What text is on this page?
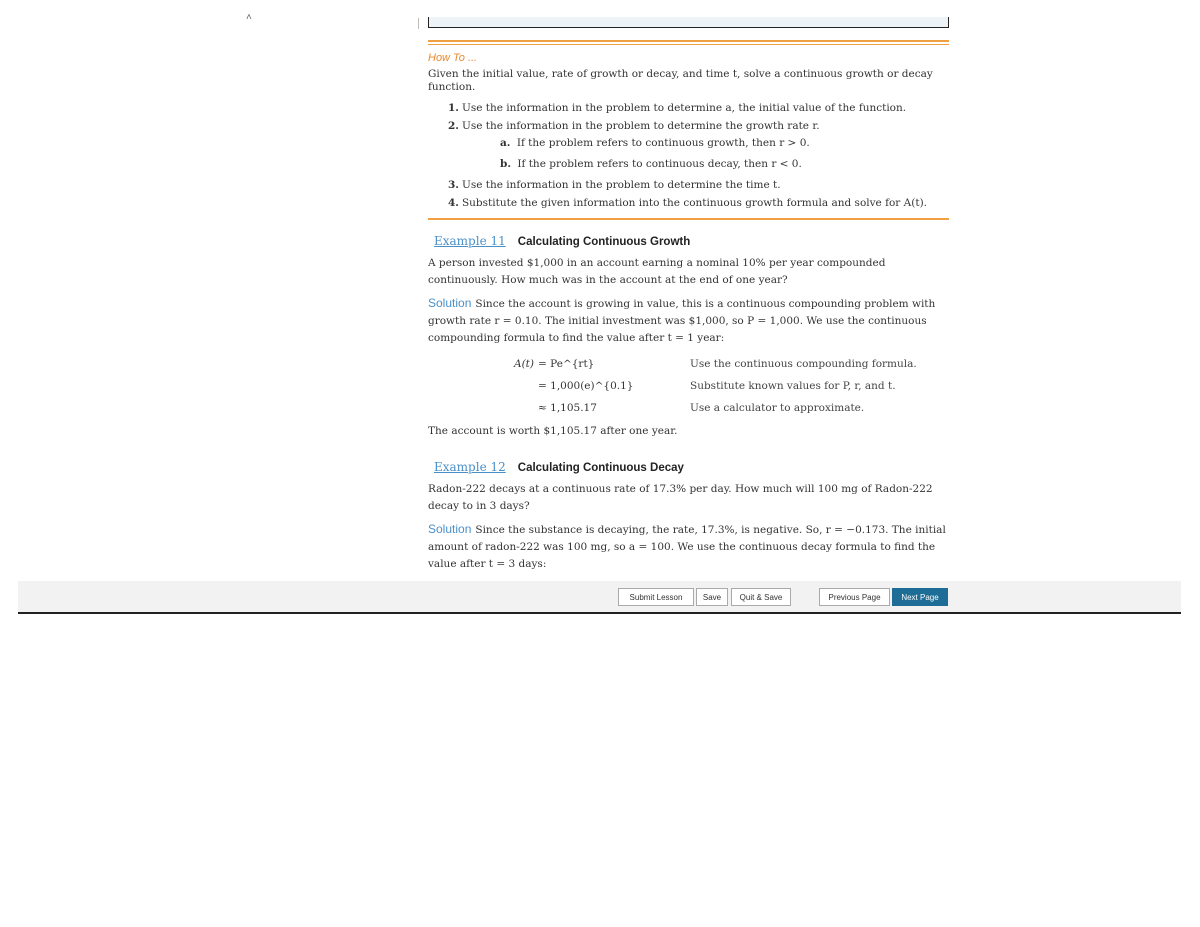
˄
How To ...
Given the initial value, rate of growth or decay, and time t, solve a continuous growth or decay function.
1. Use the information in the problem to determine a, the initial value of the function.
2. Use the information in the problem to determine the growth rate r.
a. If the problem refers to continuous growth, then r > 0.
b. If the problem refers to continuous decay, then r < 0.
3. Use the information in the problem to determine the time t.
4. Substitute the given information into the continuous growth formula and solve for A(t).
Example 11	Calculating Continuous Growth

A person invested $1,000 in an account earning a nominal 10% per year compounded continuously. How much was in the account at the end of one year?

Solution Since the account is growing in value, this is a continuous compounding problem with growth rate r = 0.10. The initial investment was $1,000, so P = 1,000. We use the continuous compounding formula to find the value after t = 1 year:

A(t) = Pe^{rt}	Use the continuous compounding formula.
= 1,000(e)^{0.1}	Substitute known values for P, r, and t.
≈ 1,105.17	Use a calculator to approximate.

The account is worth $1,105.17 after one year.

Example 12	Calculating Continuous Decay

Radon-222 decays at a continuous rate of 17.3% per day. How much will 100 mg of Radon-222 decay to in 3 days?

Solution Since the substance is decaying, the rate, 17.3%, is negative. So, r = −0.173. The initial amount of radon-222 was 100 mg, so a = 100. We use the continuous decay formula to find the value after t = 3 days:

Submit Lesson	Save	Quit & Save	Previous Page	Next Page
